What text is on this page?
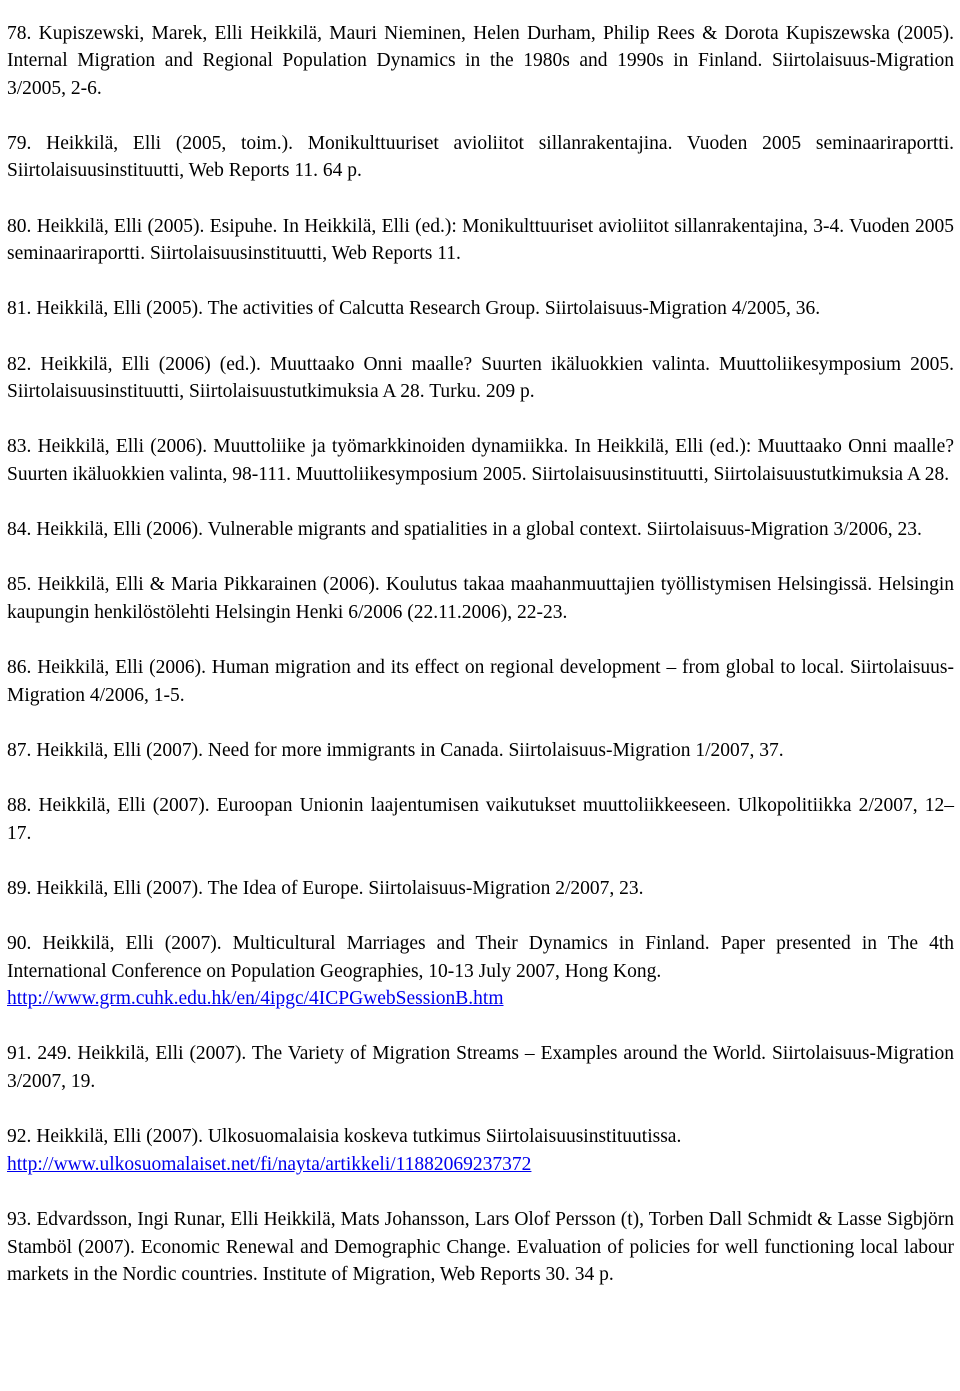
78. Kupiszewski, Marek, Elli Heikkilä, Mauri Nieminen, Helen Durham, Philip Rees & Dorota Kupiszewska (2005). Internal Migration and Regional Population Dynamics in the 1980s and 1990s in Finland. Siirtolaisuus-Migration 3/2005, 2-6.

79. Heikkilä, Elli (2005, toim.). Monikulttuuriset avioliitot sillanrakentajina. Vuoden 2005 seminaariraportti. Siirtolaisuusinstituutti, Web Reports 11. 64 p.

80. Heikkilä, Elli (2005). Esipuhe. In Heikkilä, Elli (ed.): Monikulttuuriset avioliitot sillanrakentajina, 3-4. Vuoden 2005 seminaariraportti. Siirtolaisuusinstituutti, Web Reports 11.

81. Heikkilä, Elli (2005). The activities of Calcutta Research Group. Siirtolaisuus-Migration 4/2005, 36.

82. Heikkilä, Elli (2006) (ed.). Muuttaako Onni maalle? Suurten ikäluokkien valinta. Muuttoliikesymposium 2005. Siirtolaisuusinstituutti, Siirtolaisuustutkimuksia A 28. Turku. 209 p.

83. Heikkilä, Elli (2006). Muuttoliike ja työmarkkinoiden dynamiikka. In Heikkilä, Elli (ed.): Muuttaako Onni maalle? Suurten ikäluokkien valinta, 98-111. Muuttoliikesymposium 2005. Siirtolaisuusinstituutti, Siirtolaisuustutkimuksia A 28.

84. Heikkilä, Elli (2006). Vulnerable migrants and spatialities in a global context. Siirtolaisuus-Migration 3/2006, 23.

85. Heikkilä, Elli & Maria Pikkarainen (2006). Koulutus takaa maahanmuuttajien työllistymisen Helsingissä. Helsingin kaupungin henkilöstölehti Helsingin Henki 6/2006 (22.11.2006), 22-23.

86. Heikkilä, Elli (2006). Human migration and its effect on regional development – from global to local. Siirtolaisuus-Migration 4/2006, 1-5.

87. Heikkilä, Elli (2007). Need for more immigrants in Canada. Siirtolaisuus-Migration 1/2007, 37.

88. Heikkilä, Elli (2007). Euroopan Unionin laajentumisen vaikutukset muuttoliikkeeseen. Ulkopolitiikka 2/2007, 12–17.

89. Heikkilä, Elli (2007). The Idea of Europe. Siirtolaisuus-Migration 2/2007, 23.

90. Heikkilä, Elli (2007). Multicultural Marriages and Their Dynamics in Finland. Paper presented in The 4th International Conference on Population Geographies, 10-13 July 2007, Hong Kong.
http://www.grm.cuhk.edu.hk/en/4ipgc/4ICPGwebSessionB.htm

91. 249. Heikkilä, Elli (2007). The Variety of Migration Streams – Examples around the World. Siirtolaisuus-Migration 3/2007, 19.

92. Heikkilä, Elli (2007). Ulkosuomalaisia koskeva tutkimus Siirtolaisuusinstituutissa.
http://www.ulkosuomalaiset.net/fi/nayta/artikkeli/11882069237372

93. Edvardsson, Ingi Runar, Elli Heikkilä, Mats Johansson, Lars Olof Persson (t), Torben Dall Schmidt & Lasse Sigbjörn Stamböl (2007). Economic Renewal and Demographic Change. Evaluation of policies for well functioning local labour markets in the Nordic countries. Institute of Migration, Web Reports 30. 34 p.
